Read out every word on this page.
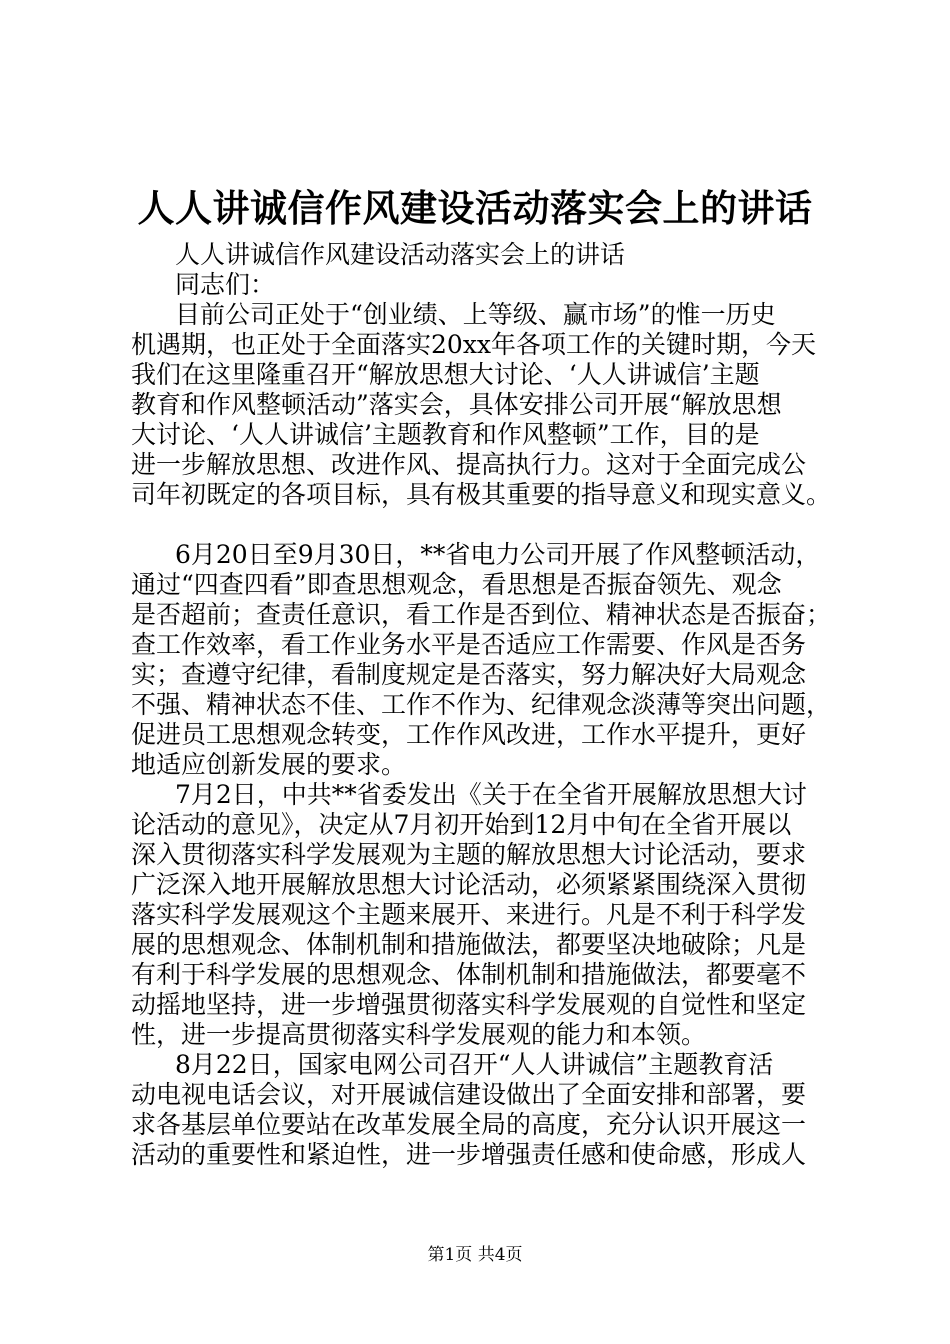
人人讲诚信作风建设活动落实会上的讲话
人人讲诚信作风建设活动落实会上的讲话
同志们：
目前公司正处于“创业绩、上等级、赢市场”的惟一历史
机遇期，也正处于全面落实20xx年各项工作的关键时期，今天
我们在这里隆重召开“解放思想大讨论、‘人人讲诚信’主题
教育和作风整顿活动”落实会，具体安排公司开展“解放思想
大讨论、‘人人讲诚信’主题教育和作风整顿”工作，目的是
进一步解放思想、改进作风、提高执行力。这对于全面完成公
司年初既定的各项目标，具有极其重要的指导意义和现实意义。
6月20日至9月30日，**省电力公司开展了作风整顿活动，
通过“四查四看”即查思想观念，看思想是否振奋领先、观念
是否超前；查责任意识，看工作是否到位、精神状态是否振奋；
查工作效率，看工作业务水平是否适应工作需要、作风是否务
实；查遵守纪律，看制度规定是否落实，努力解决好大局观念
不强、精神状态不佳、工作不作为、纪律观念淡薄等突出问题，
促进员工思想观念转变，工作作风改进，工作水平提升，更好
地适应创新发展的要求。
7月2日，中共**省委发出《关于在全省开展解放思想大讨
论活动的意见》，决定从7月初开始到12月中旬在全省开展以
深入贯彻落实科学发展观为主题的解放思想大讨论活动，要求
广泛深入地开展解放思想大讨论活动，必须紧紧围绕深入贯彻
落实科学发展观这个主题来展开、来进行。凡是不利于科学发
展的思想观念、体制机制和措施做法，都要坚决地破除；凡是
有利于科学发展的思想观念、体制机制和措施做法，都要毫不
动摇地坚持，进一步增强贯彻落实科学发展观的自觉性和坚定
性，进一步提高贯彻落实科学发展观的能力和本领。
8月22日，国家电网公司召开“人人讲诚信”主题教育活
动电视电话会议，对开展诚信建设做出了全面安排和部署，要
求各基层单位要站在改革发展全局的高度，充分认识开展这一
活动的重要性和紧迫性，进一步增强责任感和使命感，形成人
第1页 共4页
